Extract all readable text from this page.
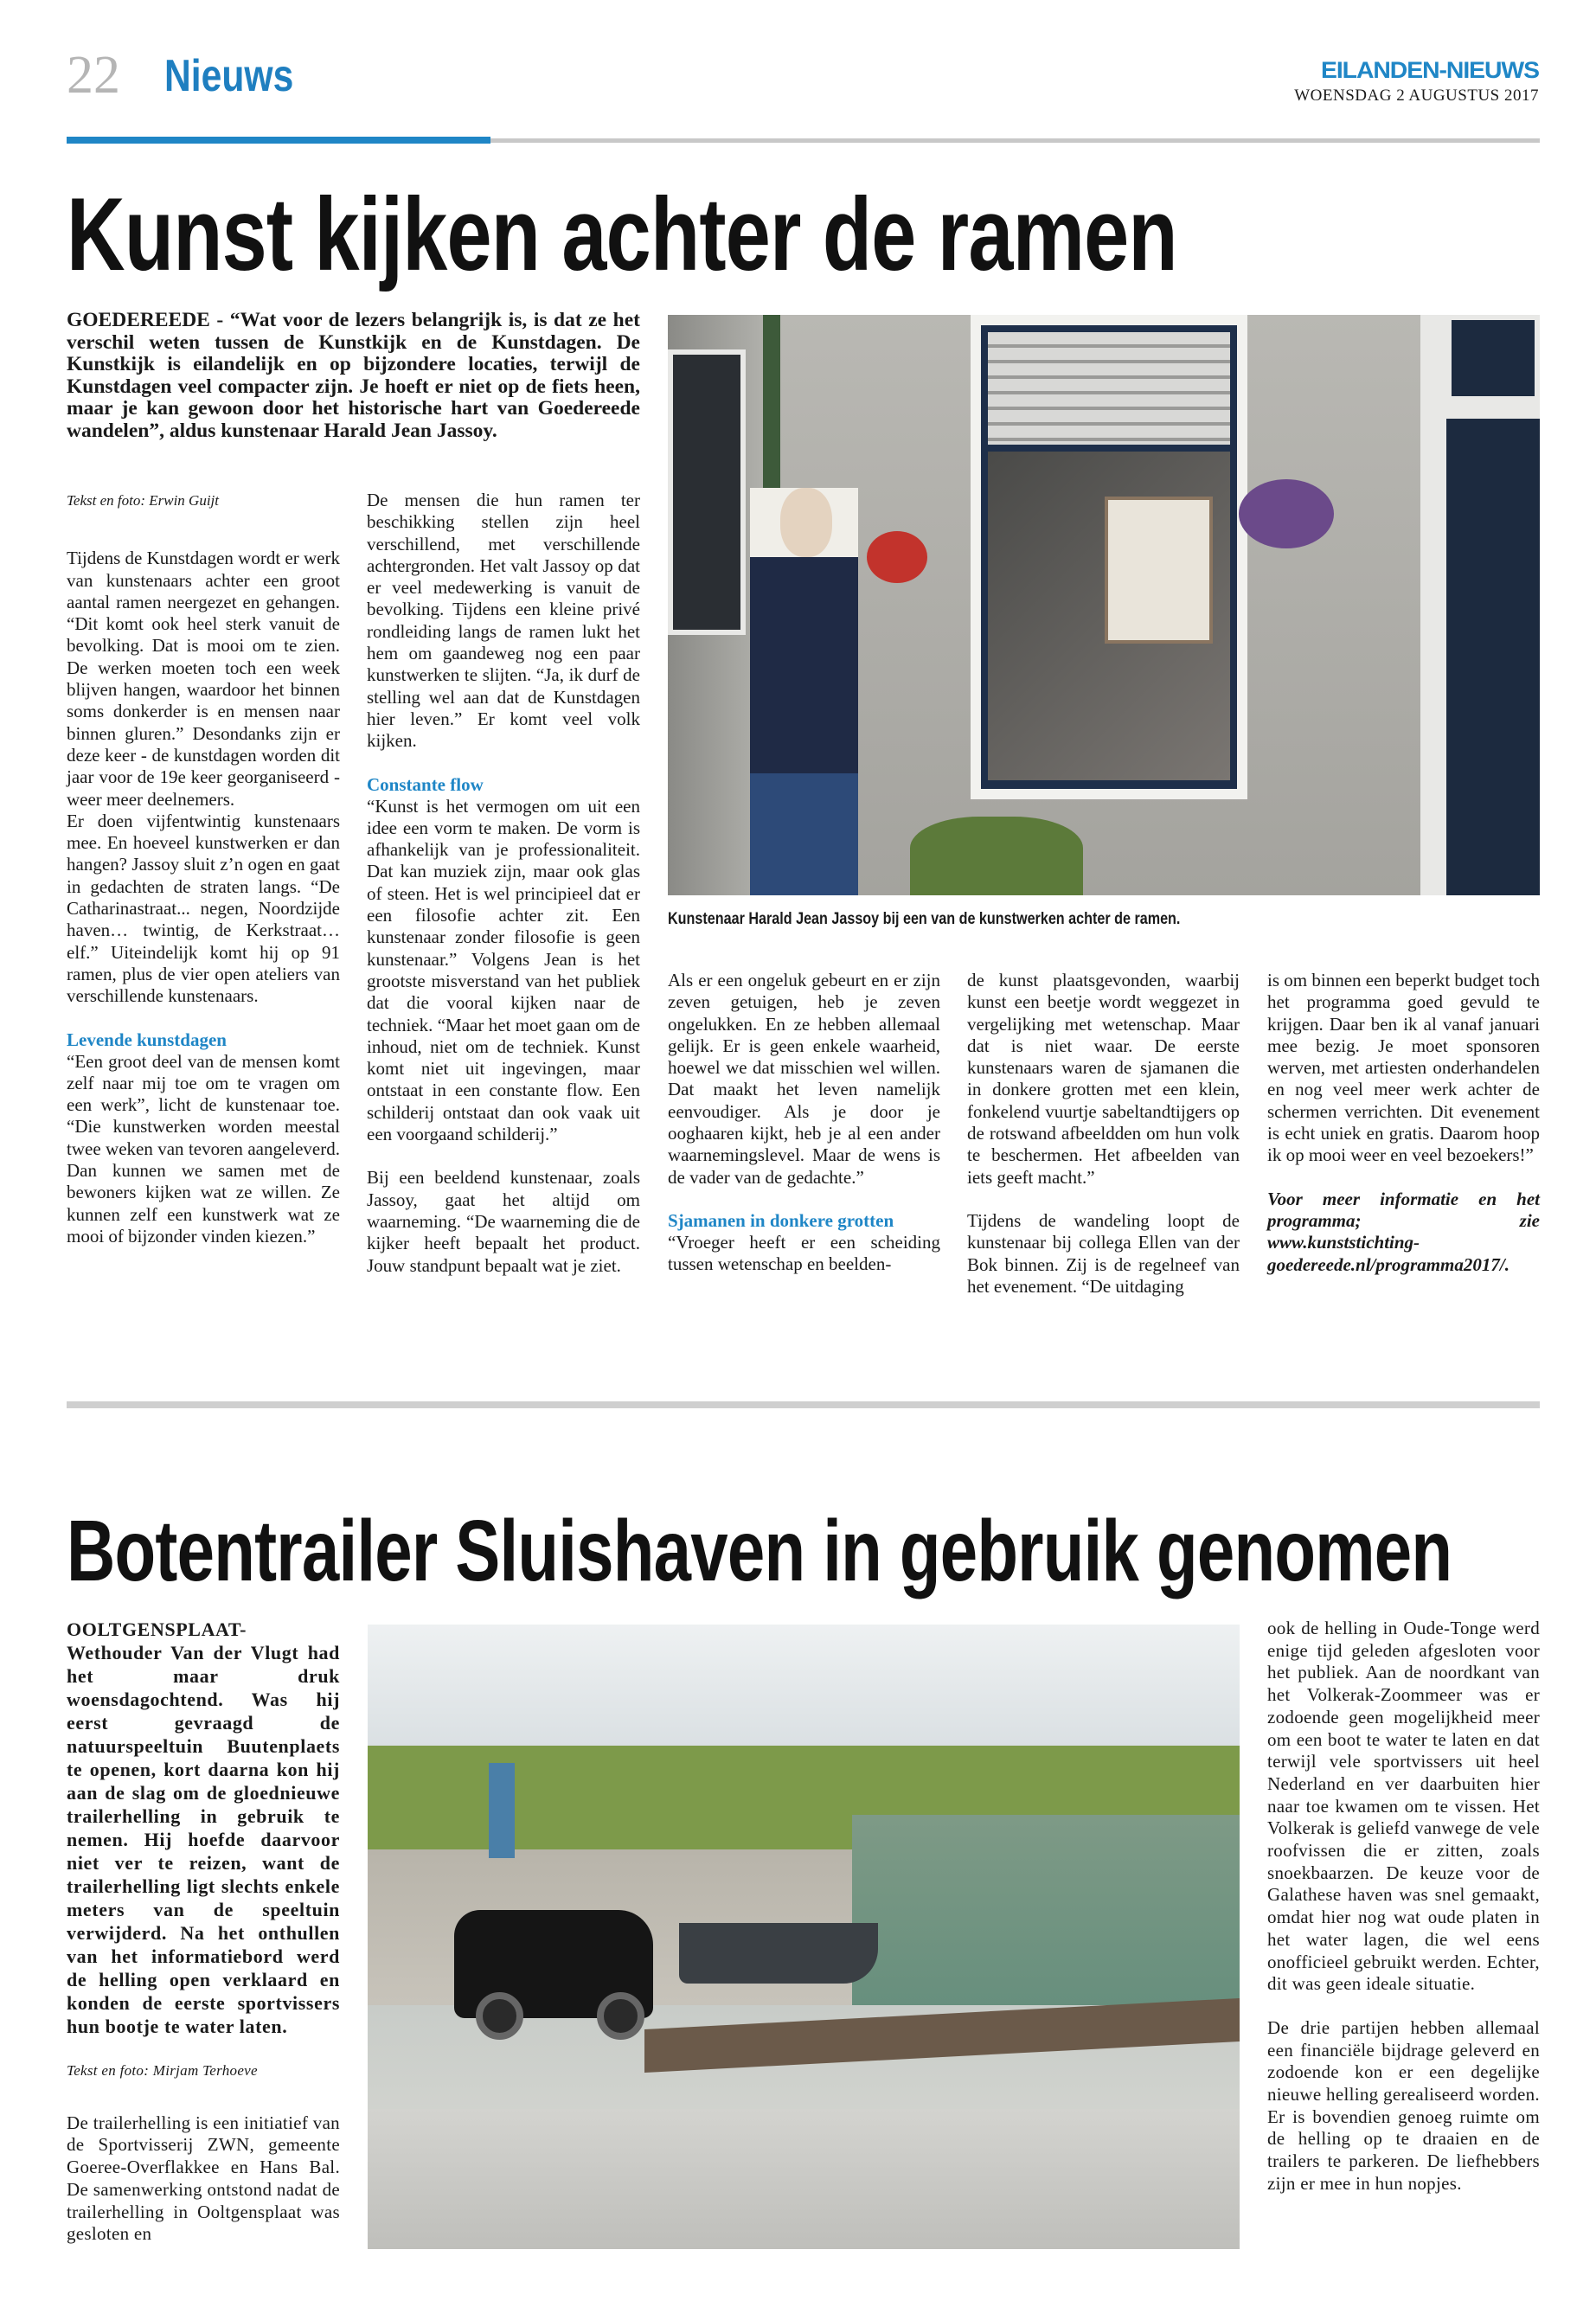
22 Nieuws	EILANDEN-NIEUWS
WOENSDAG 2 AUGUSTUS 2017
Kunst kijken achter de ramen
GOEDEREEDE - “Wat voor de lezers belangrijk is, is dat ze het verschil weten tussen de Kunstkijk en de Kunstdagen. De Kunstkijk is eilandelijk en op bijzondere locaties, terwijl de Kunstdagen veel compacter zijn. Je hoeft er niet op de fiets heen, maar je kan gewoon door het historische hart van Goedereede wandelen”, aldus kunstenaar Harald Jean Jassoy.
Kunstenaar Harald Jean Jassoy bij een van de kunstwerken achter de ramen.

Tekst en foto: Erwin Guijt

Tijdens de Kunstdagen wordt er werk van kunstenaars achter een groot aantal ramen neergezet en gehangen. “Dit komt ook heel sterk vanuit de bevolking. Dat is mooi om te zien. De werken moeten toch een week blijven hangen, waardoor het binnen soms donkerder is en mensen naar binnen gluren.” Desondanks zijn er deze keer - de kunstdagen worden dit jaar voor de 19e keer georganiseerd - weer meer deelnemers.

Er doen vijfentwintig kunstenaars mee. En hoeveel kunstwerken er dan hangen? Jassoy sluit z’n ogen en gaat in gedachten de straten langs. “De Catharinastraat... negen, Noordzijde haven… twintig, de Kerkstraat… elf.” Uiteindelijk komt hij op 91 ramen, plus de vier open ateliers van verschillende kunstenaars.

Levende kunstdagen

“Een groot deel van de mensen komt zelf naar mij toe om te vragen om een werk”, licht de kunstenaar toe. “Die kunstwerken worden meestal twee weken van tevoren aangeleverd. Dan kunnen we samen met de bewoners kijken wat ze willen. Ze kunnen zelf een kunstwerk wat ze mooi of bijzonder vinden kiezen.”

De mensen die hun ramen ter beschikking stellen zijn heel verschillend, met verschillende achtergronden. Het valt Jassoy op dat er veel medewerking is vanuit de bevolking. Tijdens een kleine privé rondleiding langs de ramen lukt het hem om gaandeweg nog een paar kunstwerken te slijten. “Ja, ik durf de stelling wel aan dat de Kunstdagen hier leven.” Er komt veel volk kijken.

Constante flow

“Kunst is het vermogen om uit een idee een vorm te maken. De vorm is afhankelijk van je professionaliteit. Dat kan muziek zijn, maar ook glas of steen. Het is wel principieel dat er een filosofie achter zit. Een kunstenaar zonder filosofie is geen kunstenaar.” Volgens Jean is het grootste misverstand van het publiek dat die vooral kijken naar de techniek. “Maar het moet gaan om de inhoud, niet om de techniek. Kunst komt niet uit ingevingen, maar ontstaat in een constante flow. Een schilderij ontstaat dan ook vaak uit een voorgaand schilderij.”

Bij een beeldend kunstenaar, zoals Jassoy, gaat het altijd om waarneming. “De waarneming die de kijker heeft bepaalt het product. Jouw standpunt bepaalt wat je ziet.

Als er een ongeluk gebeurt en er zijn zeven getuigen, heb je zeven ongelukken. En ze hebben allemaal gelijk. Er is geen enkele waarheid, hoewel we dat misschien wel willen. Dat maakt het leven namelijk eenvoudiger. Als je door je ooghaaren kijkt, heb je al een ander waarnemingslevel. Maar de wens is de vader van de gedachte.”

Sjamanen in donkere grotten

“Vroeger heeft er een scheiding tussen wetenschap en beelden-

de kunst plaatsgevonden, waarbij kunst een beetje wordt weggezet in vergelijking met wetenschap. Maar dat is niet waar. De eerste kunstenaars waren de sjamanen die in donkere grotten met een klein, fonkelend vuurtje sabeltandtijgers op de rotswand afbeeldden om hun volk te beschermen. Het afbeelden van iets geeft macht.”

Tijdens de wandeling loopt de kunstenaar bij collega Ellen van der Bok binnen. Zij is de regelneef van het evenement. “De uitdaging

is om binnen een beperkt budget toch het programma goed gevuld te krijgen. Daar ben ik al vanaf januari mee bezig. Je moet sponsoren werven, met artiesten onderhandelen en nog veel meer werk achter de schermen verrichten. Dit evenement is echt uniek en gratis. Daarom hoop ik op mooi weer en veel bezoekers!”

Voor meer informatie en het programma; zie www.kunststichting-goedereede.nl/programma2017/.

Botentrailer Sluishaven in gebruik genomen

OOLTGENSPLAAT- Wethouder Van der Vlugt had het maar druk woensdagochtend. Was hij eerst gevraagd de natuurspeeltuin Buutenplaets te openen, kort daarna kon hij aan de slag om de gloednieuwe trailerhelling in gebruik te nemen. Hij hoefde daarvoor niet ver te reizen, want de trailerhelling ligt slechts enkele meters van de speeltuin verwijderd. Na het onthullen van het informatiebord werd de helling open verklaard en konden de eerste sportvissers hun bootje te water laten.

Tekst en foto: Mirjam Terhoeve

De trailerhelling is een initiatief van de Sportvisserij ZWN, gemeente Goeree-Overflakkee en Hans Bal. De samenwerking ontstond nadat de trailerhelling in Ooltgensplaat was gesloten en

ook de helling in Oude-Tonge werd enige tijd geleden afgesloten voor het publiek. Aan de noordkant van het Volkerak-Zoommeer was er zodoende geen mogelijkheid meer om een boot te water te laten en dat terwijl vele sportvissers uit heel Nederland en ver daarbuiten hier naar toe kwamen om te vissen. Het Volkerak is geliefd vanwege de vele roofvissen die er zitten, zoals snoekbaarzen. De keuze voor de Galathese haven was snel gemaakt, omdat hier nog wat oude platen in het water lagen, die wel eens onofficieel gebruikt werden. Echter, dit was geen ideale situatie.

De drie partijen hebben allemaal een financiële bijdrage geleverd en zodoende kon er een degelijke nieuwe helling gerealiseerd worden. Er is bovendien genoeg ruimte om de helling op te draaien en de trailers te parkeren. De liefhebbers zijn er mee in hun nopjes.
